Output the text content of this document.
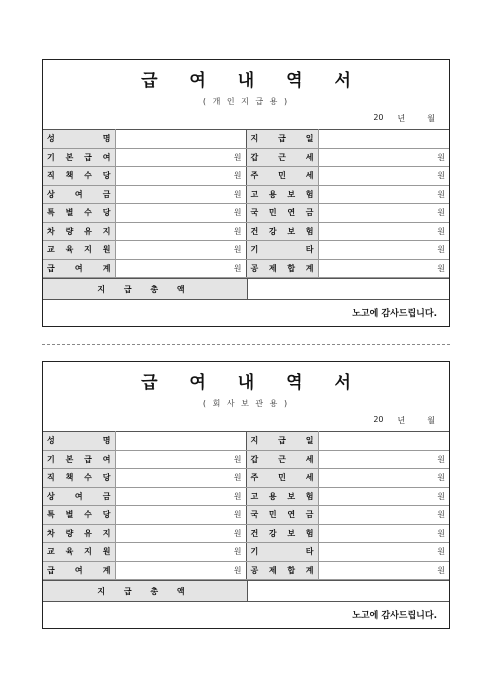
급 여 내 역 서
( 개 인 지 급 용 )
20 년	월
성 명		지 급 일	
기 본 급 여	원	갑 근 세	원
직 책 수 당	원	주 민 세	원
상 여 금	원	고 용 보 험	원
특 별 수 당	원	국 민 연 금	원
차 량 유 지	원	건 강 보 험	원
교 육 지 원	원	기 타	원
급 여 계	원	공 제 합 계	원
지 급 총 액
노고에 감사드립니다.
급 여 내 역 서
( 회 사 보 관 용 )
20 년	월
성 명		지 급 일	
기 본 급 여	원	갑 근 세	원
직 책 수 당	원	주 민 세	원
상 여 금	원	고 용 보 험	원
특 별 수 당	원	국 민 연 금	원
차 량 유 지	원	건 강 보 험	원
교 육 지 원	원	기 타	원
급 여 계	원	공 제 합 계	원
지 급 총 액
노고에 감사드립니다.
